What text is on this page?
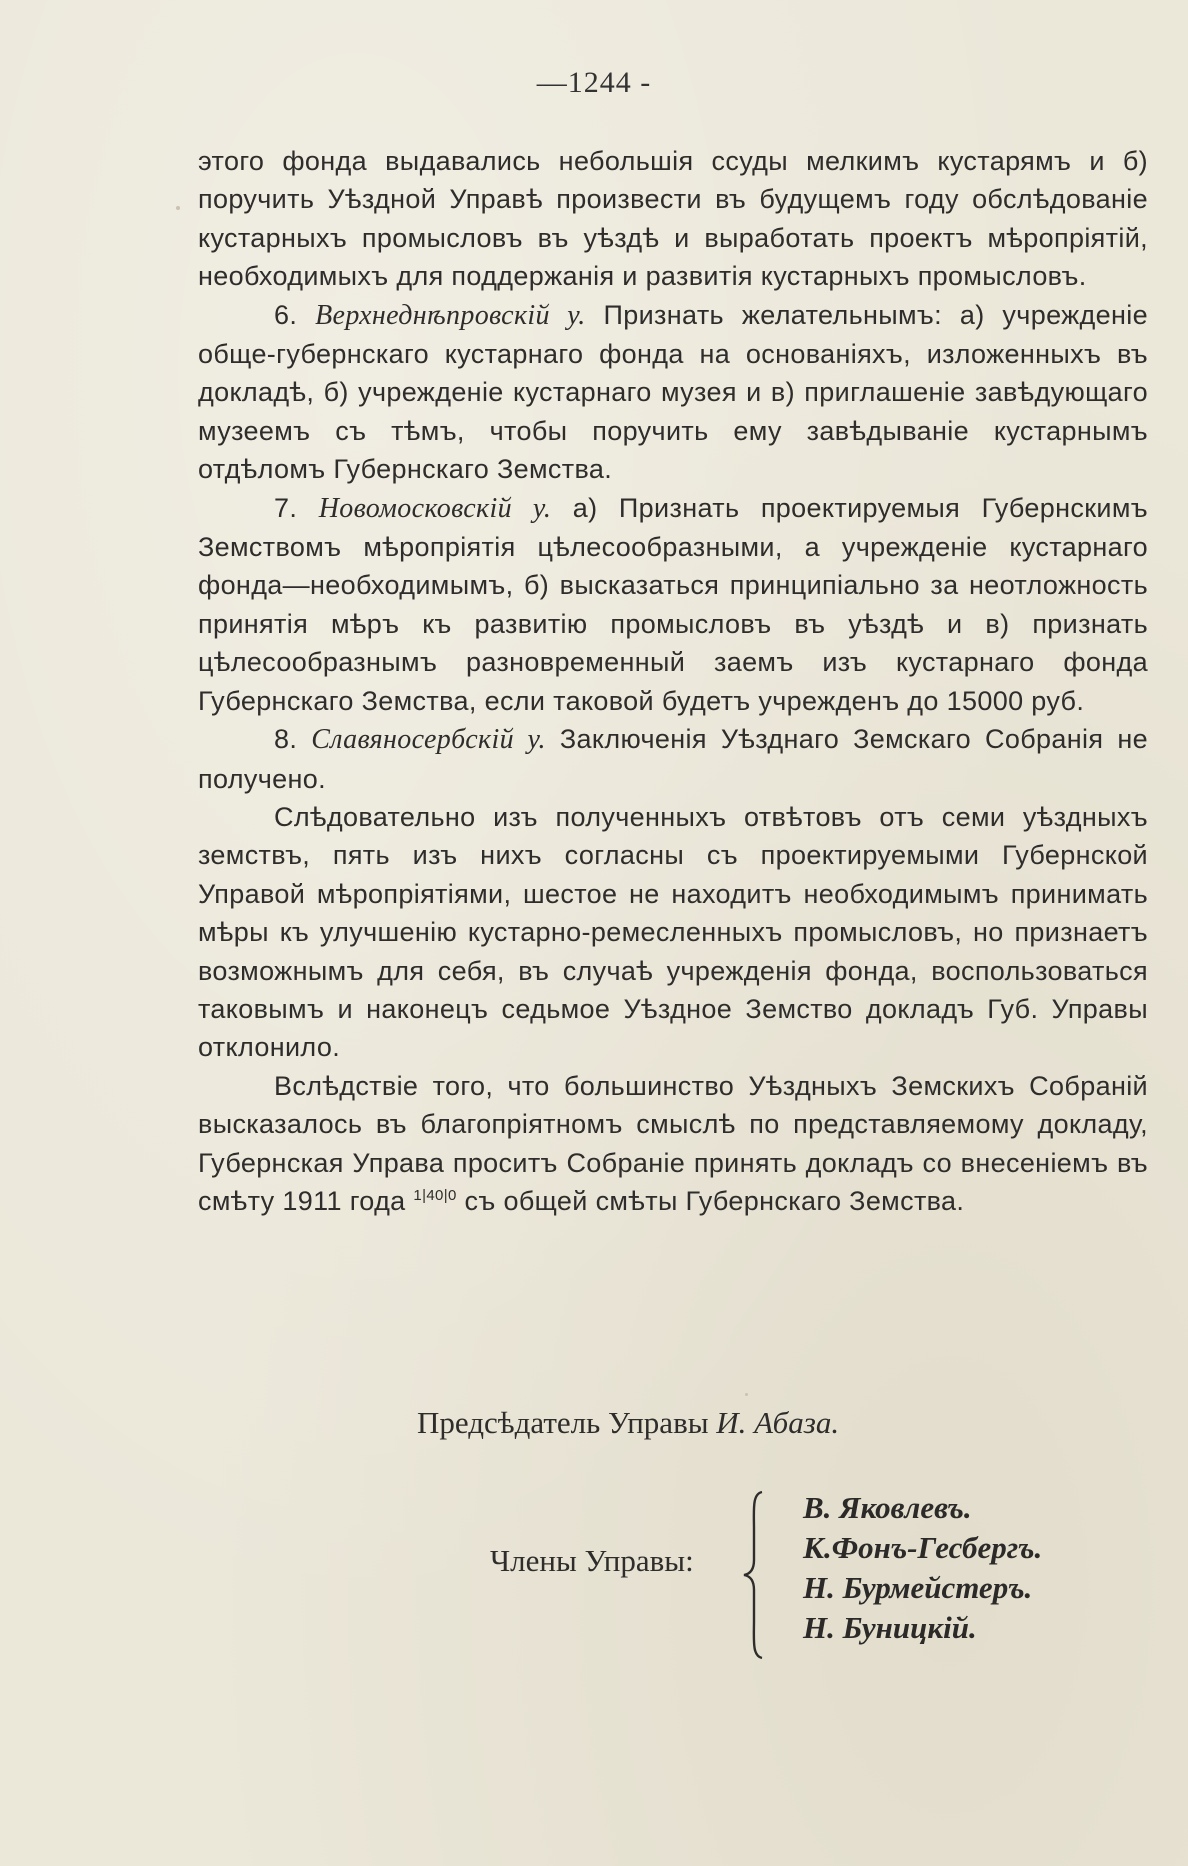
—1244 -

этого фонда выдавались небольшія ссуды мелкимъ кустарямъ и б) поручить Уѣздной Управѣ произвести въ будущемъ году обслѣдованіе кустарныхъ промысловъ въ уѣздѣ и выработать проектъ мѣропріятій, необходимыхъ для поддержанія и развитія кустарныхъ промысловъ.

6. Верхнеднѣпровскій у. Признать желательнымъ: а) учрежденіе обще-губернскаго кустарнаго фонда на основаніяхъ, изложенныхъ въ докладѣ, б) учрежденіе кустарнаго музея и в) приглашеніе завѣдующаго музеемъ съ тѣмъ, чтобы поручить ему завѣдываніе кустарнымъ отдѣломъ Губернскаго Земства.

7. Новомосковскій у. а) Признать проектируемыя Губернскимъ Земствомъ мѣропріятія цѣлесообразными, а учрежденіе кустарнаго фонда—необходимымъ, б) высказаться принципіально за неотложность принятія мѣръ къ развитію промысловъ въ уѣздѣ и в) признать цѣлесообразнымъ разновременный заемъ изъ кустарнаго фонда Губернскаго Земства, если таковой будетъ учрежденъ до 15000 руб.

8. Славяносербскій у. Заключенія Уѣзднаго Земскаго Собранія не получено.

Слѣдовательно изъ полученныхъ отвѣтовъ отъ семи уѣздныхъ земствъ, пять изъ нихъ согласны съ проектируемыми Губернской Управой мѣропріятіями, шестое не находитъ необходимымъ принимать мѣры къ улучшенію кустарно-ремесленныхъ промысловъ, но признаетъ возможнымъ для себя, въ случаѣ учрежденія фонда, воспользоваться таковымъ и наконецъ седьмое Уѣздное Земство докладъ Губ. Управы отклонило.

Вслѣдствіе того, что большинство Уѣздныхъ Земскихъ Собраній высказалось въ благопріятномъ смыслѣ по представляемому докладу, Губернская Управа проситъ Собраніе принять докладъ со внесеніемъ въ смѣту 1911 года $^{1|40|0}$ съ общей смѣты Губернскаго Земства.

Предсѣдатель Управы И. Абаза.
Члены Управы:
В. Яковлевъ.
К.Фонъ-Гесбергъ.
Н. Бурмейстеръ.
Н. Буницкій.
